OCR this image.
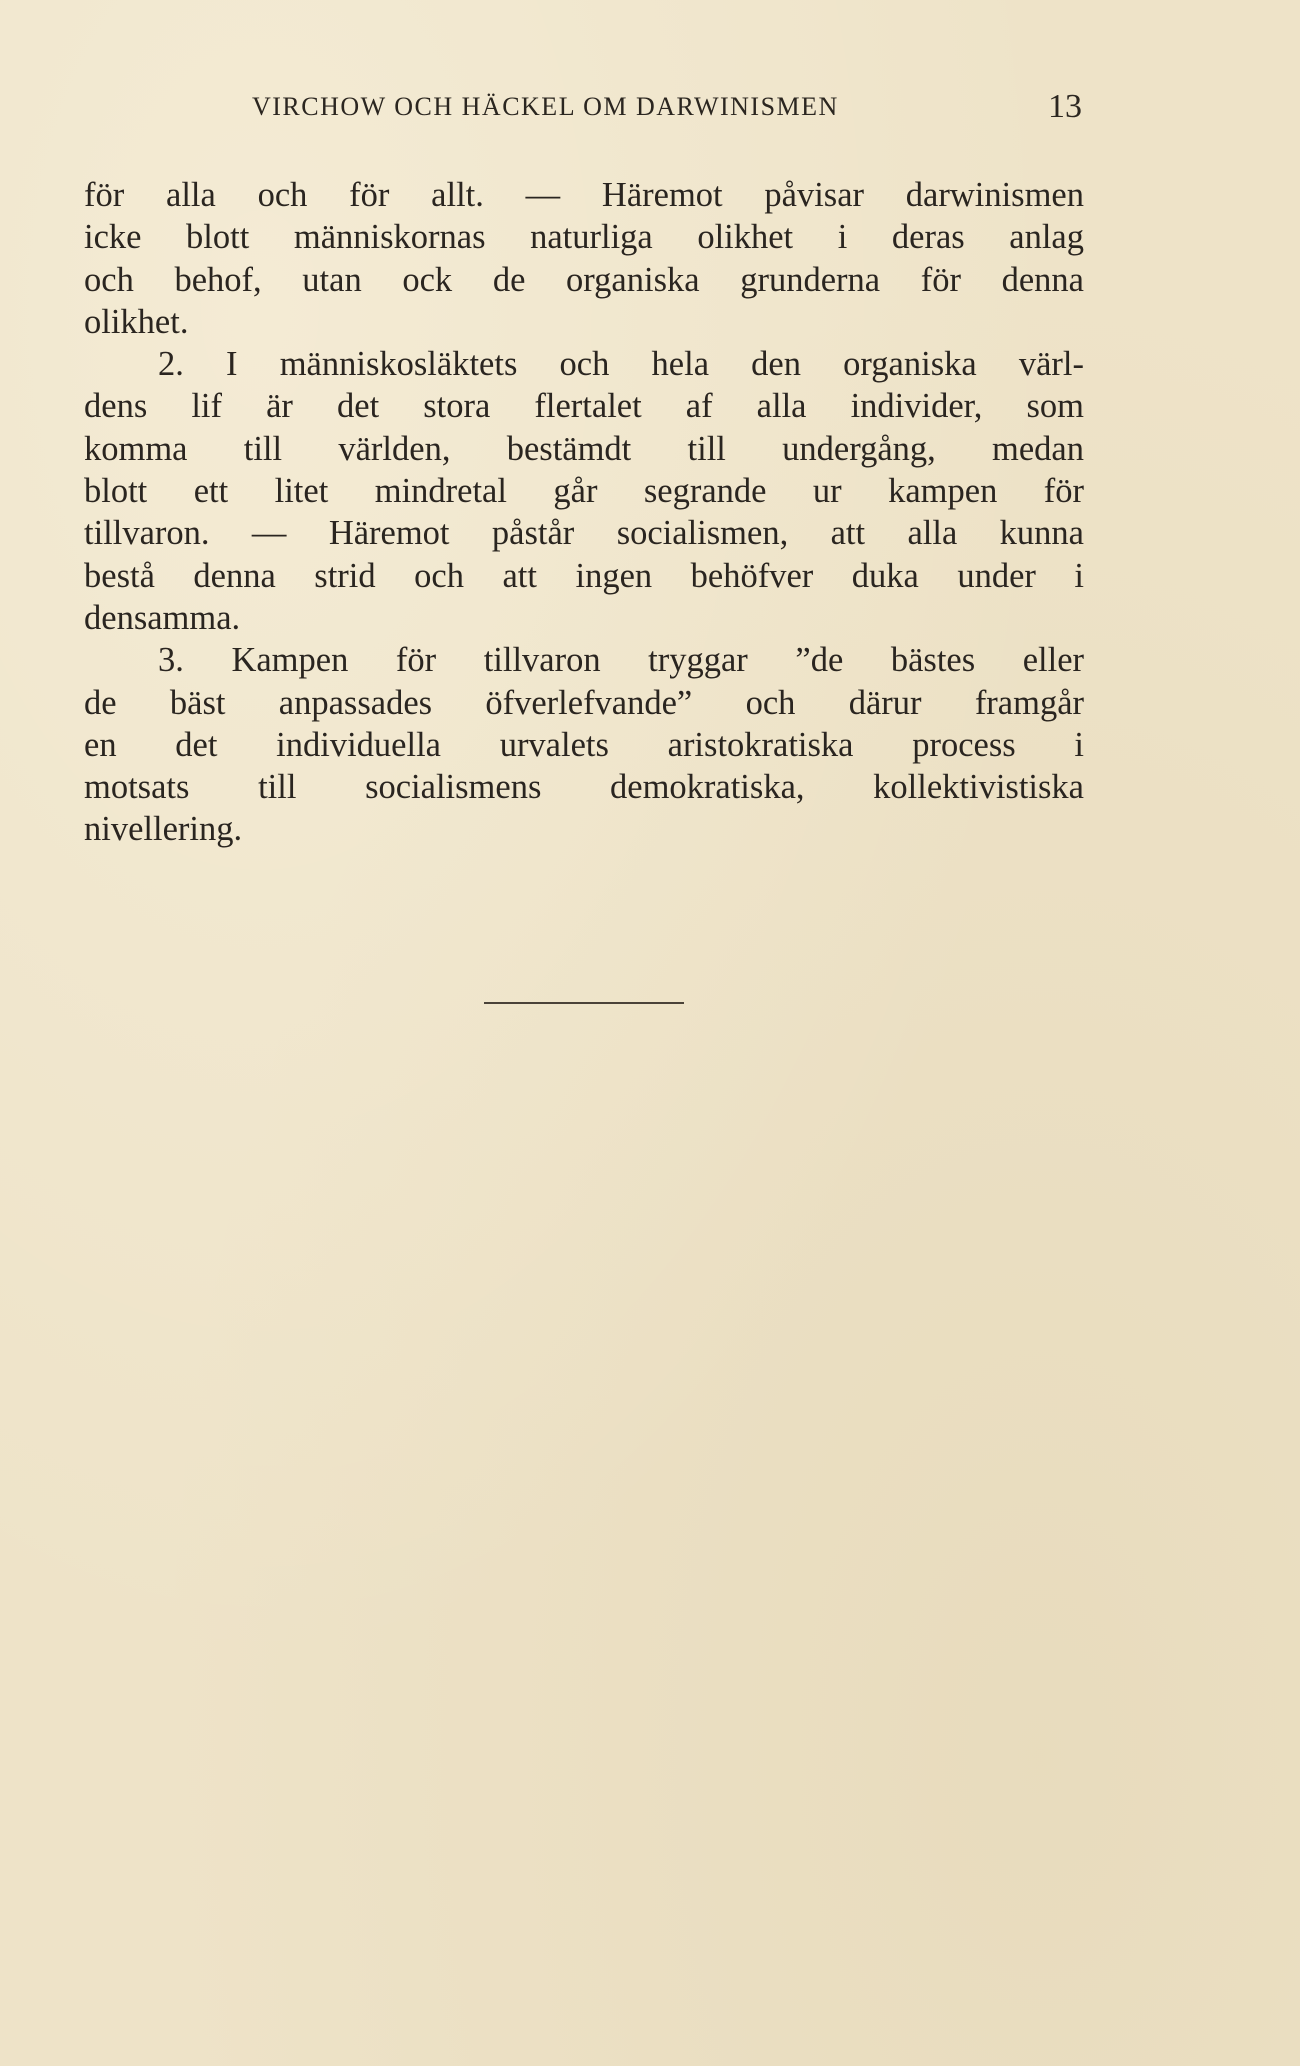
VIRCHOW OCH HÄCKEL OM DARWINISMEN	13
för alla och för allt. — Häremot påvisar darwinismen
icke blott människornas naturliga olikhet i deras anlag
och behof, utan ock de organiska grunderna för denna
olikhet.
2. I människosläktets och hela den organiska värl-
dens lif är det stora flertalet af alla individer, som
komma till världen, bestämdt till undergång, medan
blott ett litet mindretal går segrande ur kampen för
tillvaron. — Häremot påstår socialismen, att alla kunna
bestå denna strid och att ingen behöfver duka under i
densamma.
3. Kampen för tillvaron tryggar ”de bästes eller
de bäst anpassades öfverlefvande” och därur framgår
en det individuella urvalets aristokratiska process i
motsats till socialismens demokratiska, kollektivistiska
nivellering.
